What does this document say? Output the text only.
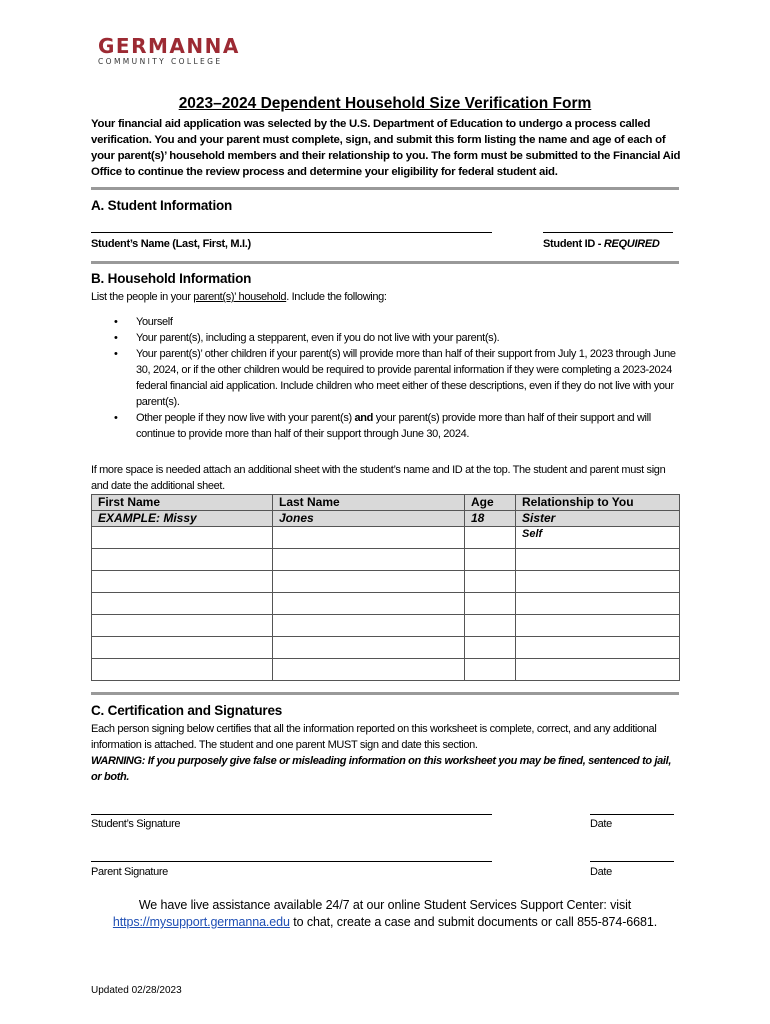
GERMANNA
COMMUNITY COLLEGE
2023–2024 Dependent Household Size Verification Form
Your financial aid application was selected by the U.S. Department of Education to undergo a process called verification. You and your parent must complete, sign, and submit this form listing the name and age of each of your parent(s)’ household members and their relationship to you. The form must be submitted to the Financial Aid Office to continue the review process and determine your eligibility for federal student aid.
A. Student Information
Student’s Name (Last, First, M.I.)	Student ID - REQUIRED
B. Household Information
List the people in your parent(s)’ household. Include the following:
• Yourself
• Your parent(s), including a stepparent, even if you do not live with your parent(s).
• Your parent(s)’ other children if your parent(s) will provide more than half of their support from July 1, 2023 through June 30, 2024, or if the other children would be required to provide parental information if they were completing a 2023-2024 federal financial aid application. Include children who meet either of these descriptions, even if they do not live with your parent(s).
• Other people if they now live with your parent(s) and your parent(s) provide more than half of their support and will continue to provide more than half of their support through June 30, 2024.
If more space is needed attach an additional sheet with the student’s name and ID at the top. The student and parent must sign and date the additional sheet.
First Name	Last Name	Age	Relationship to You
EXAMPLE: Missy	Jones	18	Sister
			Self

C. Certification and Signatures
Each person signing below certifies that all the information reported on this worksheet is complete, correct, and any additional information is attached. The student and one parent MUST sign and date this section.
WARNING: If you purposely give false or misleading information on this worksheet you may be fined, sentenced to jail, or both.
Student’s Signature	Date
Parent Signature	Date
We have live assistance available 24/7 at our online Student Services Support Center: visit
https://mysupport.germanna.edu to chat, create a case and submit documents or call 855-874-6681.
Updated 02/28/2023
